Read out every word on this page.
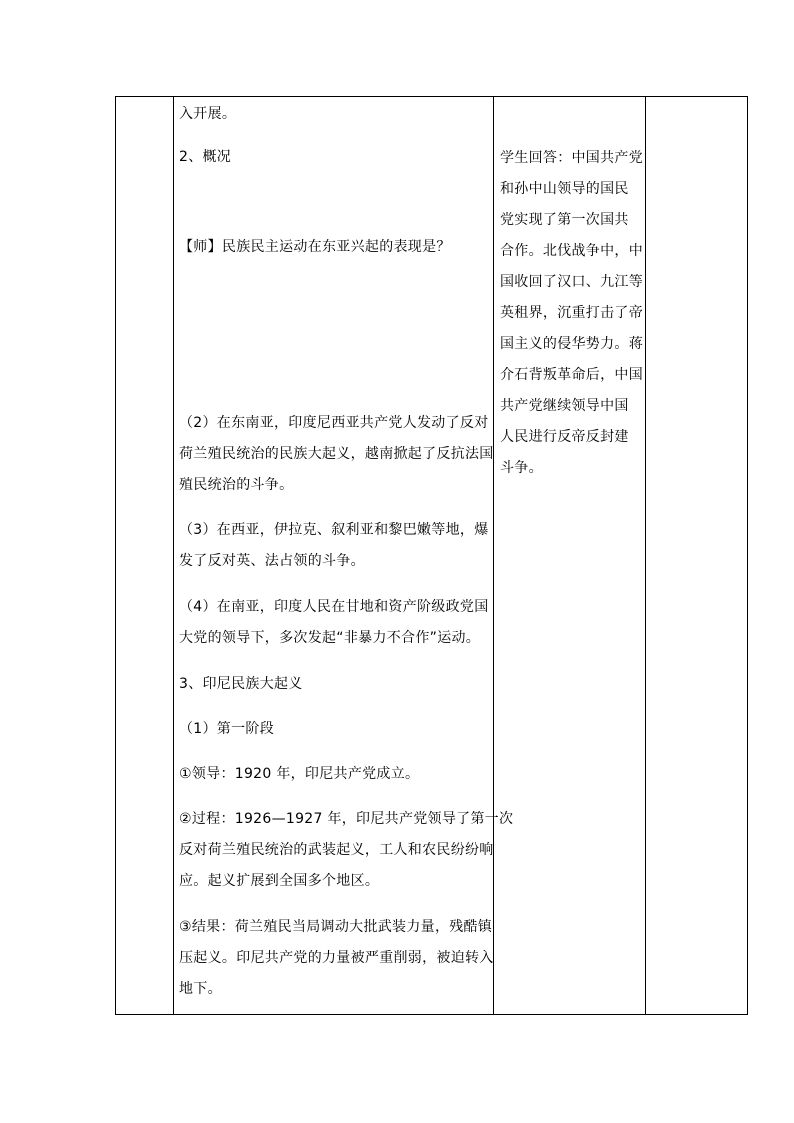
入开展。
2、概况
【师】民族民主运动在东亚兴起的表现是？
（2）在东南亚，印度尼西亚共产党人发动了反对
荷兰殖民统治的民族大起义，越南掀起了反抗法国
殖民统治的斗争。
（3）在西亚，伊拉克、叙利亚和黎巴嫩等地，爆
发了反对英、法占领的斗争。
（4）在南亚，印度人民在甘地和资产阶级政党国
大党的领导下，多次发起“非暴力不合作”运动。
3、印尼民族大起义
（1）第一阶段
①领导：1920 年，印尼共产党成立。
②过程：1926—1927 年，印尼共产党领导了第一次
反对荷兰殖民统治的武装起义，工人和农民纷纷响
应。起义扩展到全国多个地区。
③结果：荷兰殖民当局调动大批武装力量，残酷镇
压起义。印尼共产党的力量被严重削弱，被迫转入
地下。
学生回答：中国共产党
和孙中山领导的国民
党实现了第一次国共
合作。北伐战争中，中
国收回了汉口、九江等
英租界，沉重打击了帝
国主义的侵华势力。蒋
介石背叛革命后，中国
共产党继续领导中国
人民进行反帝反封建
斗争。
